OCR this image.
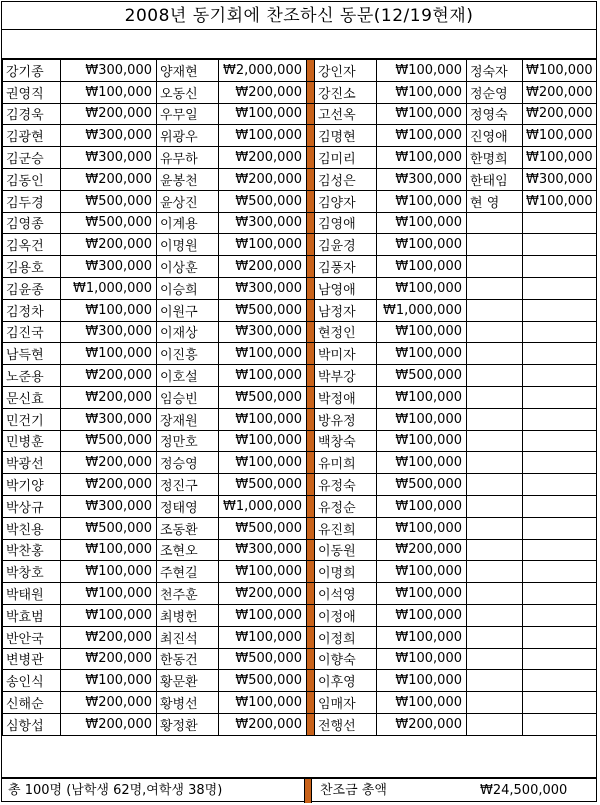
2008년 동기회에 찬조하신 동문(12/19현재)
강기종	₩300,000	양재현	₩2,000,000		강인자	₩100,000	정숙자	₩100,000
권영직	₩100,000	오동신	₩200,000		강진소	₩100,000	정순영	₩200,000
김경욱	₩200,000	우무일	₩100,000		고선옥	₩100,000	정영숙	₩200,000
김광현	₩300,000	위광우	₩100,000		김명현	₩100,000	진영애	₩100,000
김군승	₩300,000	유무하	₩200,000		김미리	₩100,000	한명희	₩100,000
김동인	₩200,000	윤봉천	₩200,000		김성은	₩300,000	한태임	₩300,000
김두경	₩500,000	윤상진	₩500,000		김양자	₩100,000	현 영	₩100,000
김영종	₩500,000	이계용	₩300,000		김영애	₩100,000		
김옥건	₩200,000	이명원	₩100,000		김윤경	₩100,000		
김용호	₩300,000	이상훈	₩200,000		김풍자	₩100,000		
김윤종	₩1,000,000	이승희	₩300,000		남영애	₩100,000		
김정차	₩100,000	이원구	₩500,000		남정자	₩1,000,000		
김진국	₩300,000	이재상	₩300,000		현정인	₩100,000		
남득현	₩100,000	이진흥	₩100,000		박미자	₩100,000		
노준용	₩200,000	이호설	₩100,000		박부강	₩500,000		
문신효	₩200,000	임승빈	₩500,000		박정애	₩100,000		
민건기	₩300,000	장재원	₩100,000		방유정	₩100,000		
민병훈	₩500,000	정만호	₩100,000		백창숙	₩100,000		
박광선	₩200,000	정승영	₩100,000		유미희	₩100,000		
박기양	₩200,000	정진구	₩500,000		유정숙	₩500,000		
박상규	₩300,000	정태영	₩1,000,000		유정순	₩100,000		
박친용	₩500,000	조동환	₩500,000		유진희	₩100,000		
박찬홍	₩100,000	조현오	₩300,000		이동원	₩200,000		
박창호	₩100,000	주현길	₩100,000		이명희	₩100,000		
박태원	₩100,000	천주훈	₩200,000		이석영	₩100,000		
박효범	₩100,000	최병헌	₩100,000		이정애	₩100,000		
반안국	₩200,000	최진석	₩100,000		이정희	₩100,000		
변병관	₩200,000	한동건	₩500,000		이향숙	₩100,000		
송인식	₩100,000	황문환	₩500,000		이후영	₩100,000		
신해순	₩200,000	황병선	₩100,000		임매자	₩100,000		
심항섭	₩200,000	황정환	₩200,000		전행선	₩200,000		
총 100명 (남학생 62명,여학생 38명)	찬조금 총액	₩24,500,000
